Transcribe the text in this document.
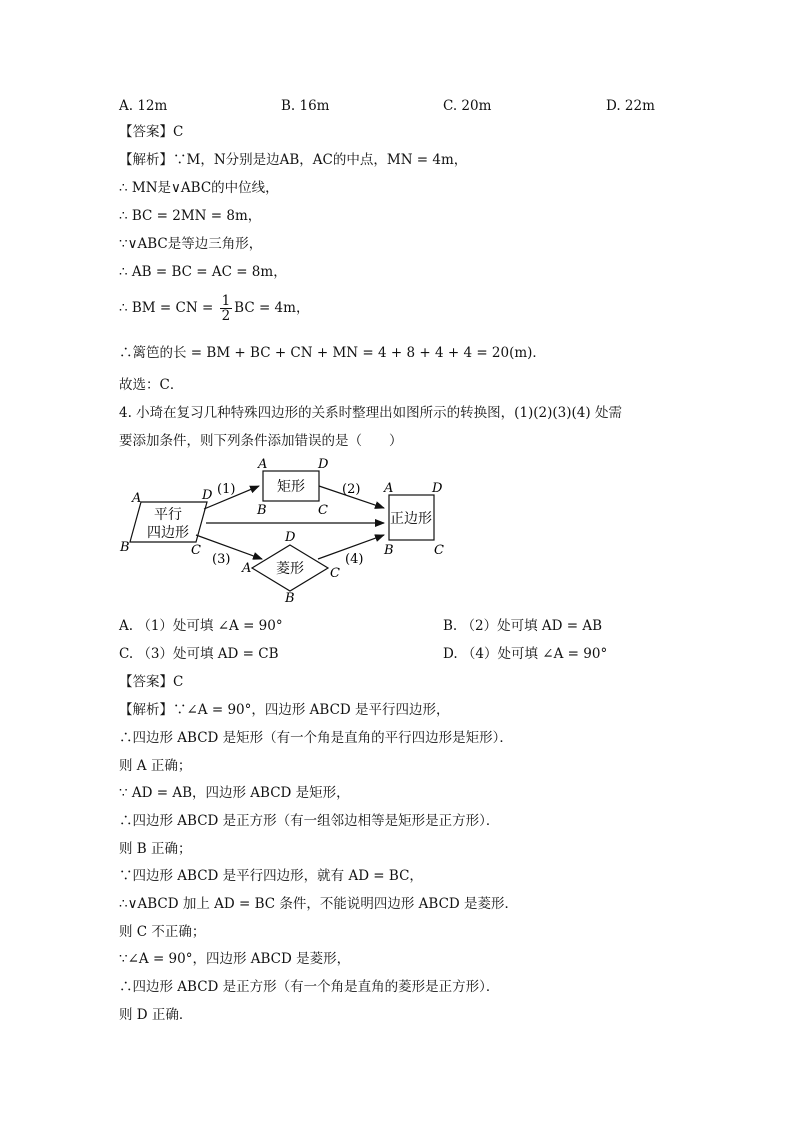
A. 12m	B. 16m	C. 20m	D. 22m
【答案】C
【解析】∵M，N分别是边AB，AC的中点，MN = 4m，
∴ MN是∨ABC的中位线，
∴ BC = 2MN = 8m，
∵∨ABC是等边三角形，
∴ AB = BC = AC = 8m，
∴ BM = CN = $\frac{1}{2}$ BC = 4m，
∴篱笆的长 = BM + BC + CN + MN = 4 + 8 + 4 + 4 = 20(m)．
故选：C．
4. 小琦在复习几种特殊四边形的关系时整理出如图所示的转换图，(1)(2)(3)(4) 处需
要添加条件，则下列条件添加错误的是（　　）
平行
四边形
A	D
B	C
矩形
A	D
B	C
正边形
A	D
B	C
菱形
D
A	C
B
(1)	(2)
(3)	(4)
A. （1）处可填 ∠A = 90°	B. （2）处可填 AD = AB
C. （3）处可填 AD = CB	D. （4）处可填 ∠A = 90°
【答案】C
【解析】∵∠A = 90°，四边形 ABCD 是平行四边形，
∴四边形 ABCD 是矩形（有一个角是直角的平行四边形是矩形）．
则 A 正确；
∵ AD = AB，四边形 ABCD 是矩形，
∴四边形 ABCD 是正方形（有一组邻边相等是矩形是正方形）．
则 B 正确；
∵四边形 ABCD 是平行四边形，就有 AD = BC，
∴∨ABCD 加上 AD = BC 条件，不能说明四边形 ABCD 是菱形．
则 C 不正确；
∵∠A = 90°，四边形 ABCD 是菱形，
∴四边形 ABCD 是正方形（有一个角是直角的菱形是正方形）．
则 D 正确．
